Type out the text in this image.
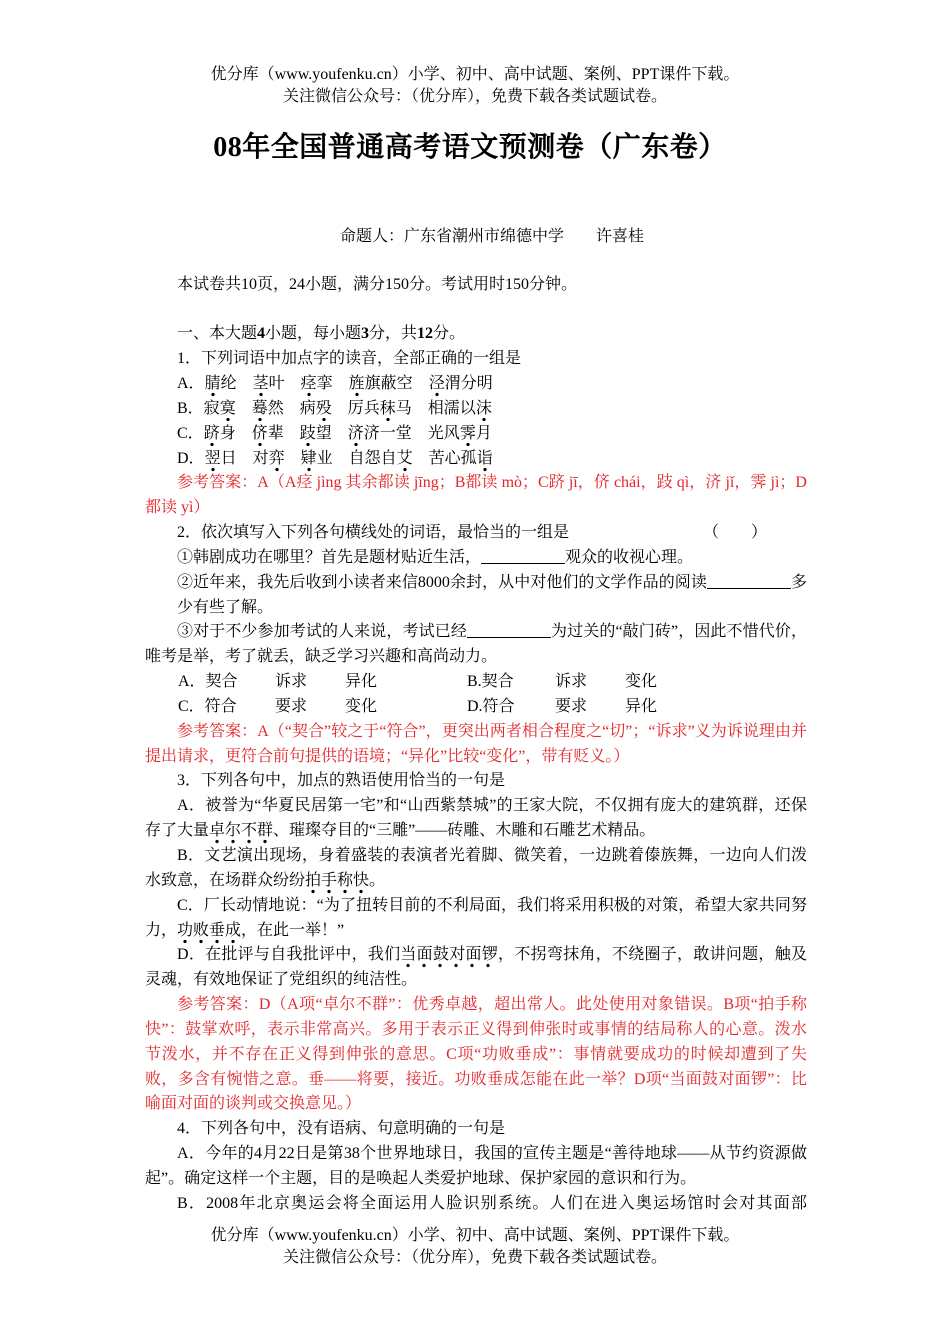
优分库（www.youfenku.cn）小学、初中、高中试题、案例、PPT课件下载。
关注微信公众号：（优分库），免费下载各类试题试卷。
08年全国普通高考语文预测卷（广东卷）
命题人：广东省潮州市绵德中学　　许喜桂

本试卷共10页，24小题，满分150分。考试用时150分钟。

一、本大题4小题，每小题3分，共12分。

1．下列词语中加点字的读音，全部正确的一组是

A．腈纶　茎叶　痉挛　旌旗蔽空　泾渭分明

B．寂寞　 蓦然　病殁　厉兵秣马　相濡以沫

C．跻身　侪辈　跂望　济济一堂　光风霁月

D．翌日　对弈　 肄业　自怨自艾　苦心孤诣

参考答案：A（A痉 jìng 其余都读 jīng；B都读 mò；C跻 jī，侪 chái，跂 qì，济 jǐ，霁 jì；D都读 yì）

2．依次填写入下列各句横线处的词语，最恰当的一组是	（　　）

①韩剧成功在哪里？首先是题材贴近生活，	观众的收视心理。

②近年来，我先后收到小读者来信8000余封，从中对他们的文学作品的阅读	多少有些了解。

③对于不少参加考试的人来说，考试已经	为过关的“敲门砖”，因此不惜代价，唯考是举，考了就丢，缺乏学习兴趣和高尚动力。

A．契合	诉求	异化	B.契合	诉求	变化
C．符合	要求	变化	D.符合	要求	异化

参考答案：A（“契合”较之于“符合”，更突出两者相合程度之“切”；“诉求”义为诉说理由并提出请求，更符合前句提供的语境；“异化”比较“变化”，带有贬义。）

3．下列各句中，加点的熟语使用恰当的一句是

A．被誉为“华夏民居第一宅”和“山西紫禁城”的王家大院，不仅拥有庞大的建筑群，还保存了大量卓尔不群、璀璨夺目的“三雕”——砖雕、木雕和石雕艺术精品。

B．文艺演出现场，身着盛装的表演者光着脚、微笑着，一边跳着傣族舞，一边向人们泼水致意，在场群众纷纷拍手称快。

C．厂长动情地说：“为了扭转目前的不利局面，我们将采用积极的对策，希望大家共同努力，功败垂成，在此一举！”

D．在批评与自我批评中，我们当面鼓对面锣，不拐弯抹角，不绕圈子，敢讲问题，触及灵魂，有效地保证了党组织的纯洁性。

参考答案：D（A项“卓尔不群”：优秀卓越，超出常人。此处使用对象错误。B项“拍手称快”：鼓掌欢呼，表示非常高兴。多用于表示正义得到伸张时或事情的结局称人的心意。泼水节泼水，并不存在正义得到伸张的意思。C项“功败垂成”：事情就要成功的时候却遭到了失败，多含有惋惜之意。垂——将要，接近。功败垂成怎能在此一举？D项“当面鼓对面锣”：比喻面对面的谈判或交换意见。）

4．下列各句中，没有语病、句意明确的一句是

A．今年的4月22日是第38个世界地球日，我国的宣传主题是“善待地球——从节约资源做起”。确定这样一个主题，目的是唤起人类爱护地球、保护家园的意识和行为。

B．2008年北京奥运会将全面运用人脸识别系统。人们在进入奥运场馆时会对其面部

优分库（www.youfenku.cn）小学、初中、高中试题、案例、PPT课件下载。
关注微信公众号：（优分库），免费下载各类试题试卷。
